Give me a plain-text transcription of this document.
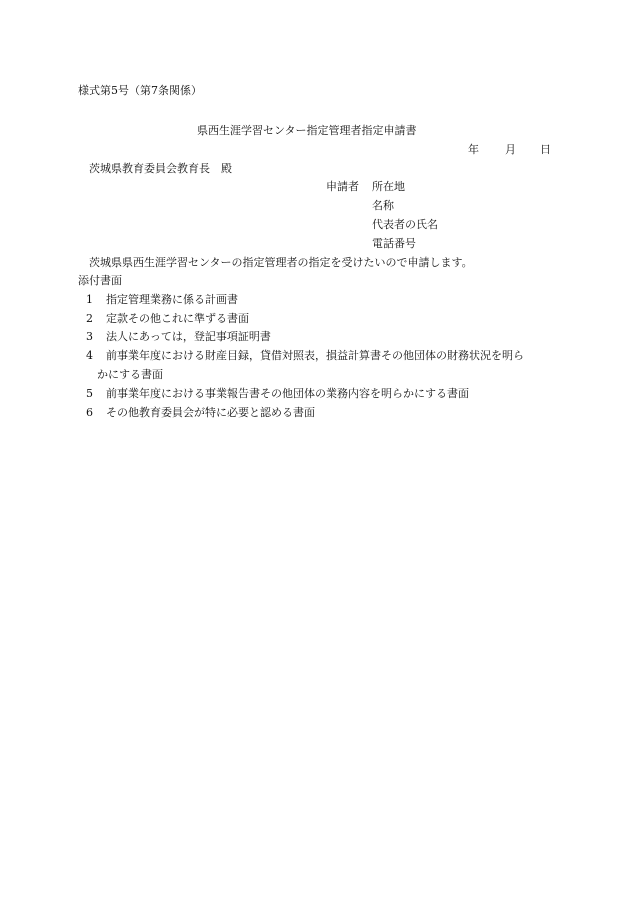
様式第5号（第7条関係）
県西生涯学習センター指定管理者指定申請書
年 月 日
茨城県教育委員会教育長　殿
申請者 所在地
名称
代表者の氏名
電話番号
茨城県県西生涯学習センターの指定管理者の指定を受けたいので申請します。
添付書面
1 指定管理業務に係る計画書
2 定款その他これに準ずる書面
3 法人にあっては，登記事項証明書
4 前事業年度における財産目録，貸借対照表，損益計算書その他団体の財務状況を明ら
かにする書面
5 前事業年度における事業報告書その他団体の業務内容を明らかにする書面
6 その他教育委員会が特に必要と認める書面
